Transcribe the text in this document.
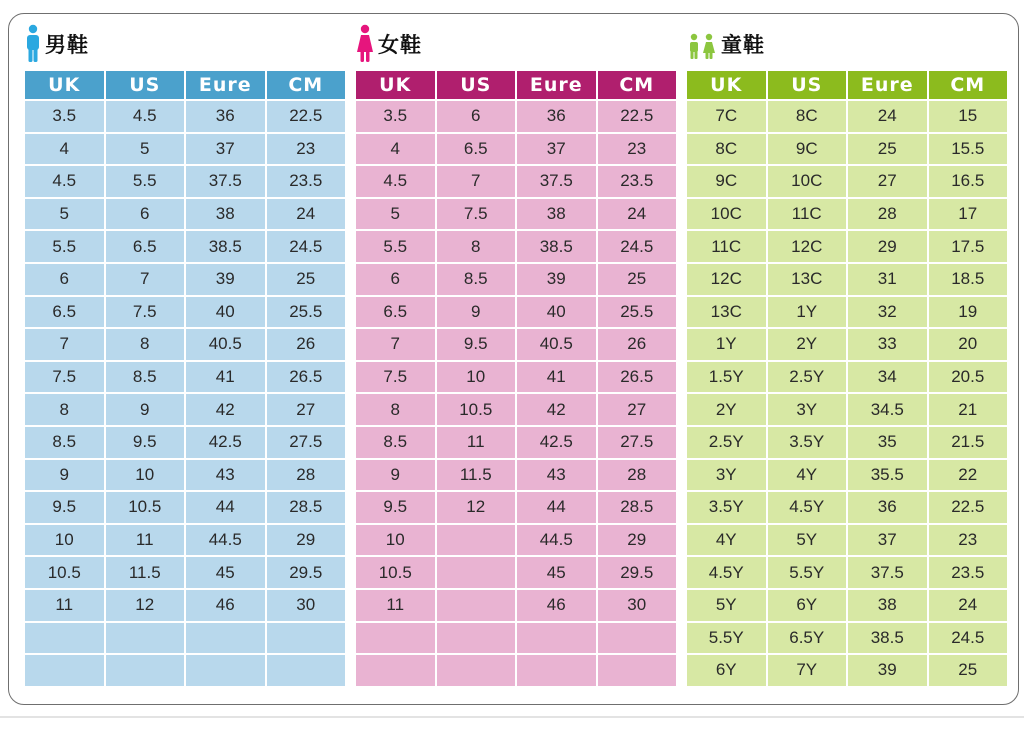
男鞋
UK	US	Eure	CM
3.5	4.5	36	22.5
4	5	37	23
4.5	5.5	37.5	23.5
5	6	38	24
5.5	6.5	38.5	24.5
6	7	39	25
6.5	7.5	40	25.5
7	8	40.5	26
7.5	8.5	41	26.5
8	9	42	27
8.5	9.5	42.5	27.5
9	10	43	28
9.5	10.5	44	28.5
10	11	44.5	29
10.5	11.5	45	29.5
11	12	46	30

女鞋
UK	US	Eure	CM
3.5	6	36	22.5
4	6.5	37	23
4.5	7	37.5	23.5
5	7.5	38	24
5.5	8	38.5	24.5
6	8.5	39	25
6.5	9	40	25.5
7	9.5	40.5	26
7.5	10	41	26.5
8	10.5	42	27
8.5	11	42.5	27.5
9	11.5	43	28
9.5	12	44	28.5
10		44.5	29
10.5		45	29.5
11		46	30

童鞋
UK	US	Eure	CM
7C	8C	24	15
8C	9C	25	15.5
9C	10C	27	16.5
10C	11C	28	17
11C	12C	29	17.5
12C	13C	31	18.5
13C	1Y	32	19
1Y	2Y	33	20
1.5Y	2.5Y	34	20.5
2Y	3Y	34.5	21
2.5Y	3.5Y	35	21.5
3Y	4Y	35.5	22
3.5Y	4.5Y	36	22.5
4Y	5Y	37	23
4.5Y	5.5Y	37.5	23.5
5Y	6Y	38	24
5.5Y	6.5Y	38.5	24.5
6Y	7Y	39	25
